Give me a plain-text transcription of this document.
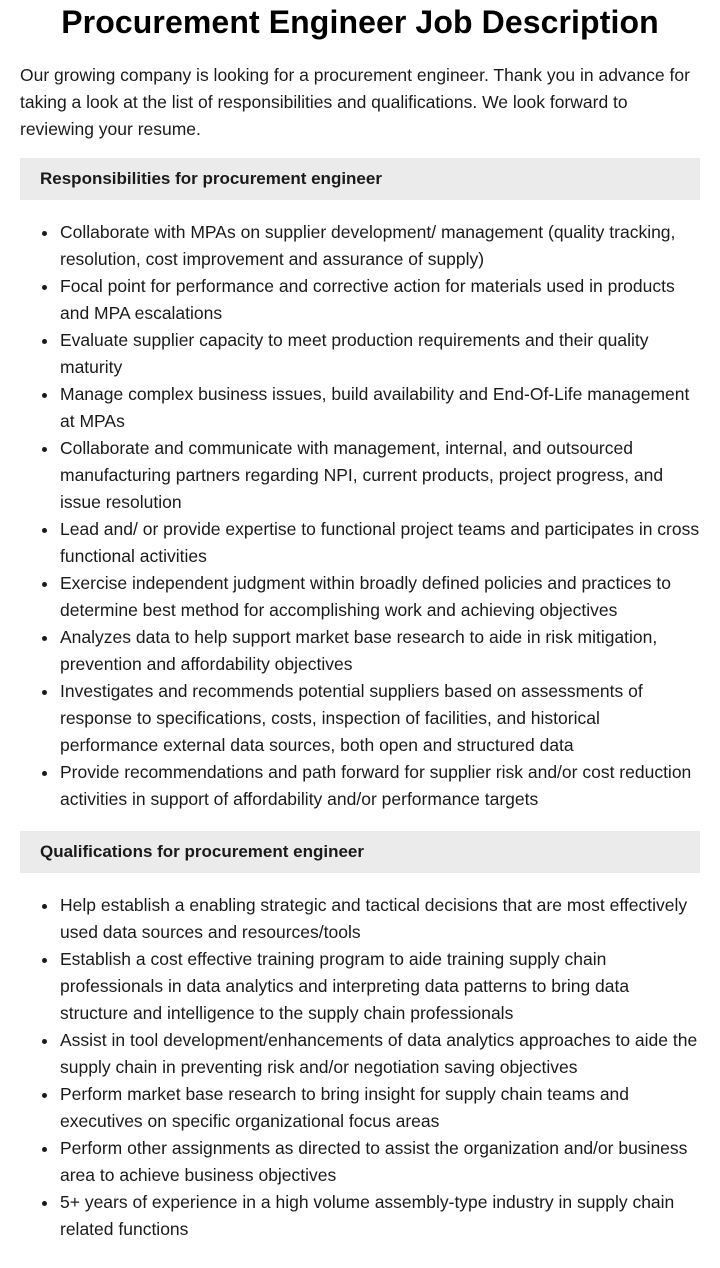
Procurement Engineer Job Description

Our growing company is looking for a procurement engineer. Thank you in advance for taking a look at the list of responsibilities and qualifications. We look forward to reviewing your resume.

Responsibilities for procurement engineer
Collaborate with MPAs on supplier development/ management (quality tracking, resolution, cost improvement and assurance of supply)
Focal point for performance and corrective action for materials used in products and MPA escalations
Evaluate supplier capacity to meet production requirements and their quality maturity
Manage complex business issues, build availability and End-Of-Life management at MPAs
Collaborate and communicate with management, internal, and outsourced manufacturing partners regarding NPI, current products, project progress, and issue resolution
Lead and/ or provide expertise to functional project teams and participates in cross functional activities
Exercise independent judgment within broadly defined policies and practices to determine best method for accomplishing work and achieving objectives
Analyzes data to help support market base research to aide in risk mitigation, prevention and affordability objectives
Investigates and recommends potential suppliers based on assessments of response to specifications, costs, inspection of facilities, and historical performance external data sources, both open and structured data
Provide recommendations and path forward for supplier risk and/or cost reduction activities in support of affordability and/or performance targets
Qualifications for procurement engineer
Help establish a enabling strategic and tactical decisions that are most effectively used data sources and resources/tools
Establish a cost effective training program to aide training supply chain professionals in data analytics and interpreting data patterns to bring data structure and intelligence to the supply chain professionals
Assist in tool development/enhancements of data analytics approaches to aide the supply chain in preventing risk and/or negotiation saving objectives
Perform market base research to bring insight for supply chain teams and executives on specific organizational focus areas
Perform other assignments as directed to assist the organization and/or business area to achieve business objectives
5+ years of experience in a high volume assembly-type industry in supply chain related functions
